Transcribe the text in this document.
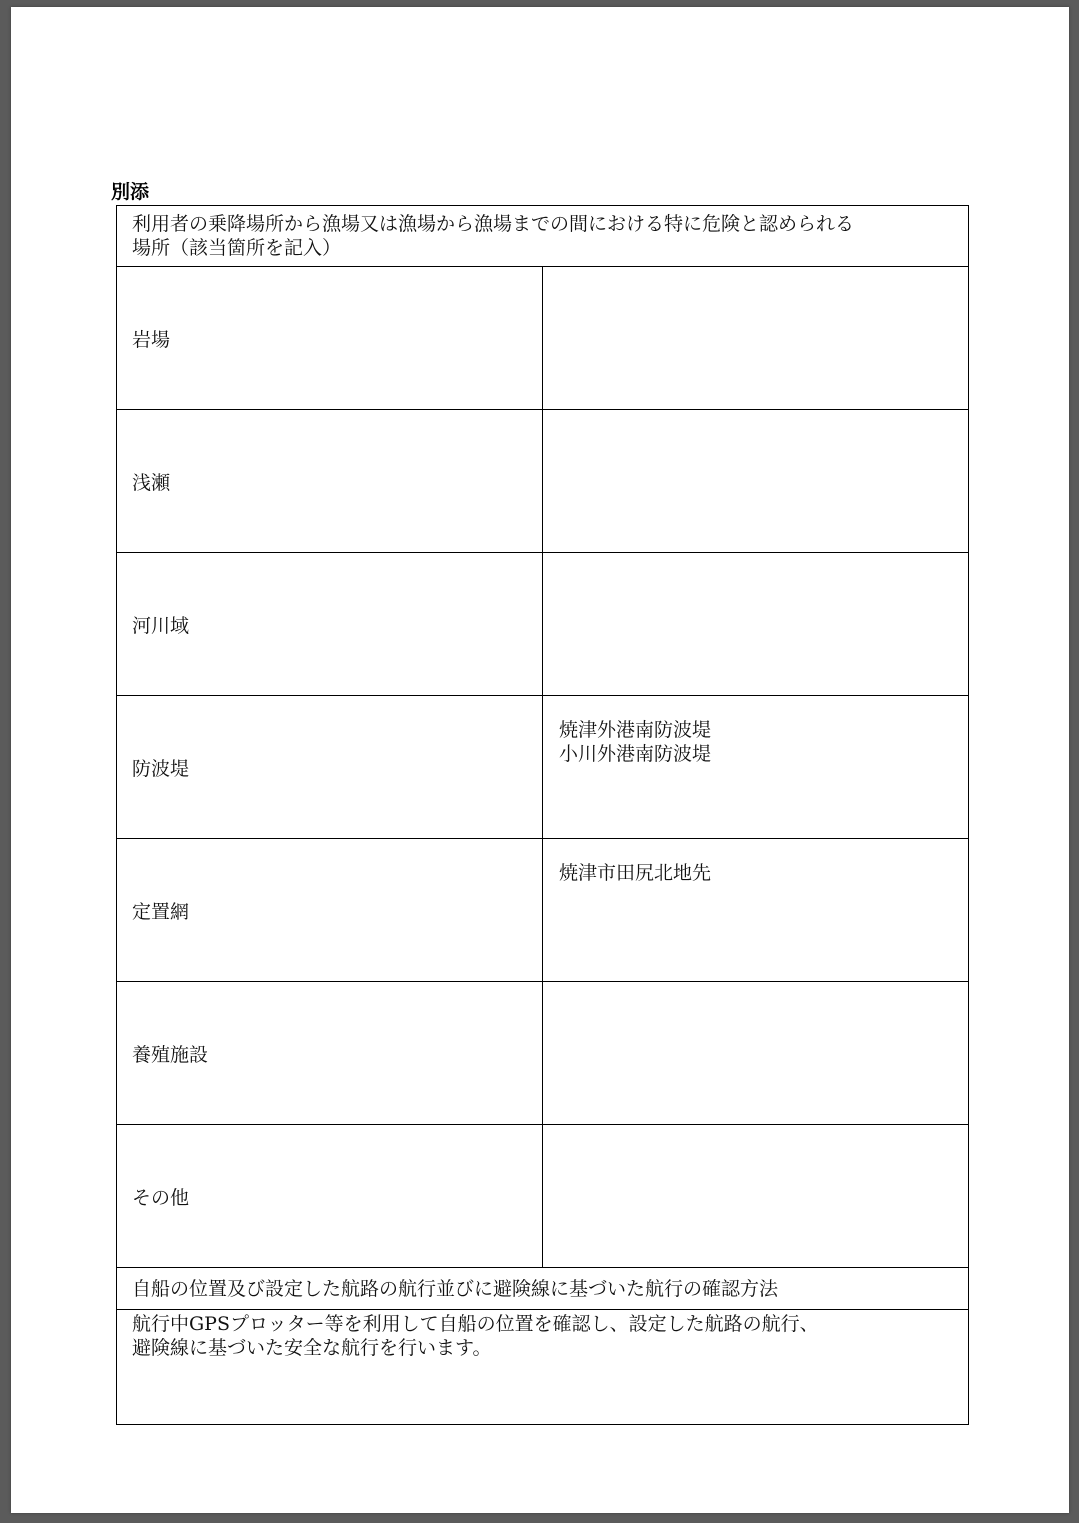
別添
利用者の乗降場所から漁場又は漁場から漁場までの間における特に危険と認められる
場所（該当箇所を記入）	

岩場	
浅瀬	
河川域	
防波堤	焼津外港南防波堤
小川外港南防波堤

定置網	焼津市田尻北地先

養殖施設	
その他	
自船の位置及び設定した航路の航行並びに避険線に基づいた航行の確認方法	

航行中GPSプロッター等を利用して自船の位置を確認し、設定した航路の航行、
避険線に基づいた安全な航行を行います。	
